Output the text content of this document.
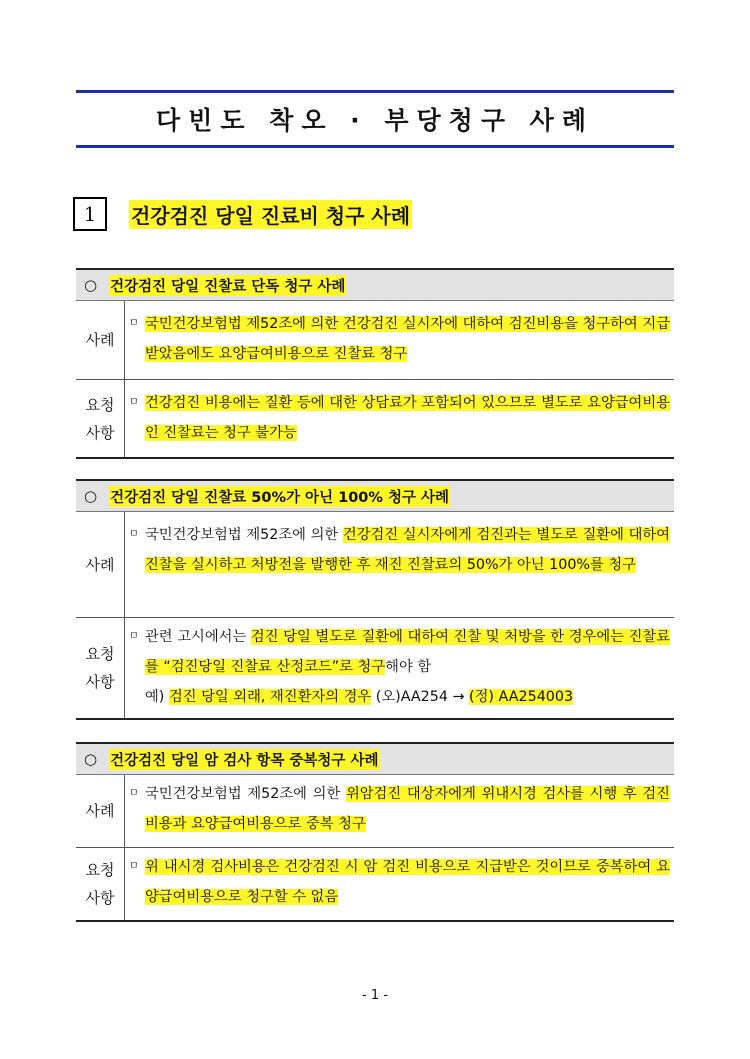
다빈도 착오 · 부당청구 사례
1	건강검진 당일 진료비 청구 사례
○ 건강검진 당일 진찰료 단독 청구 사례
사례
ㅁ 국민건강보험법 제52조에 의한 건강검진 실시자에 대하여 검진비용을 청구하여 지급받았음에도 요양급여비용으로 진찰료 청구
요청
사항
ㅁ 건강검진 비용에는 질환 등에 대한 상담료가 포함되어 있으므로 별도로 요양급여비용인 진찰료는 청구 불가능
○ 건강검진 당일 진찰료 50%가 아닌 100% 청구 사례
사례
ㅁ 국민건강보험법 제52조에 의한 건강검진 실시자에게 검진과는 별도로 질환에 대하여 진찰을 실시하고 처방전을 발행한 후 재진 진찰료의 50%가 아닌 100%를 청구
요청
사항
ㅁ 관련 고시에서는 검진 당일 별도로 질환에 대하여 진찰 및 처방을 한 경우에는 진찰료를 “검진당일 진찰료 산정코드”로 청구해야 함
예) 검진 당일 외래, 재진환자의 경우 (오)AA254 → (정) AA254003
○ 건강검진 당일 암 검사 항목 중복청구 사례
사례
ㅁ 국민건강보험법 제52조에 의한 위암검진 대상자에게 위내시경 검사를 시행 후 검진비용과 요양급여비용으로 중복 청구
요청
사항
ㅁ 위 내시경 검사비용은 건강검진 시 암 검진 비용으로 지급받은 것이므로 중복하여 요양급여비용으로 청구할 수 없음
- 1 -
